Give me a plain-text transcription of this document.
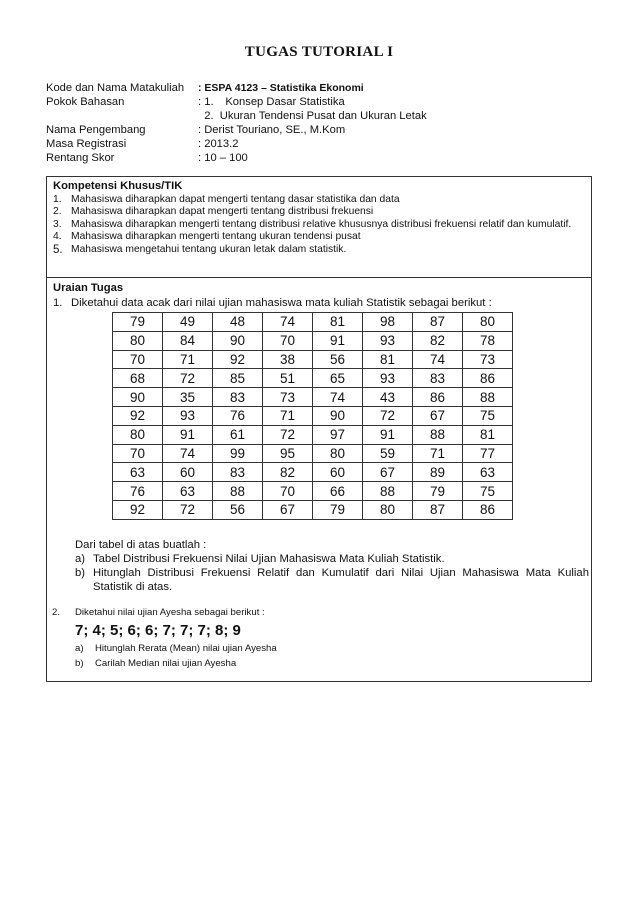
TUGAS TUTORIAL I
Kode dan Nama Matakuliah	: ESPA 4123 – Statistika Ekonomi
Pokok Bahasan	: 1. Konsep Dasar Statistika
2. Ukuran Tendensi Pusat dan Ukuran Letak
Nama Pengembang	: Derist Touriano, SE., M.Kom
Masa Registrasi	: 2013.2
Rentang Skor	: 10 – 100
Kompetensi Khusus/TIK
1. Mahasiswa diharapkan dapat mengerti tentang dasar statistika dan data
2. Mahasiswa diharapkan dapat mengerti tentang distribusi frekuensi
3. Mahasiswa diharapkan mengerti tentang distribusi relative khususnya distribusi frekuensi relatif dan kumulatif.
4. Mahasiswa diharapkan mengerti tentang ukuran tendensi pusat
5. Mahasiswa mengetahui tentang ukuran letak dalam statistik.
Uraian Tugas
1. Diketahui data acak dari nilai ujian mahasiswa mata kuliah Statistik sebagai berikut :
79	49	48	74	81	98	87	80
80	84	90	70	91	93	82	78
70	71	92	38	56	81	74	73
68	72	85	51	65	93	83	86
90	35	83	73	74	43	86	88
92	93	76	71	90	72	67	75
80	91	61	72	97	91	88	81
70	74	99	95	80	59	71	77
63	60	83	82	60	67	89	63
76	63	88	70	66	88	79	75
92	72	56	67	79	80	87	86
Dari tabel di atas buatlah :
a) Tabel Distribusi Frekuensi Nilai Ujian Mahasiswa Mata Kuliah Statistik.
b) Hitunglah Distribusi Frekuensi Relatif dan Kumulatif dari Nilai Ujian Mahasiswa Mata Kuliah Statistik di atas.
2.	Diketahui nilai ujian Ayesha sebagai berikut :
7; 4; 5; 6; 6; 7; 7; 7; 8; 9
a)	Hitunglah Rerata (Mean) nilai ujian Ayesha
b)	Carilah Median nilai ujian Ayesha
